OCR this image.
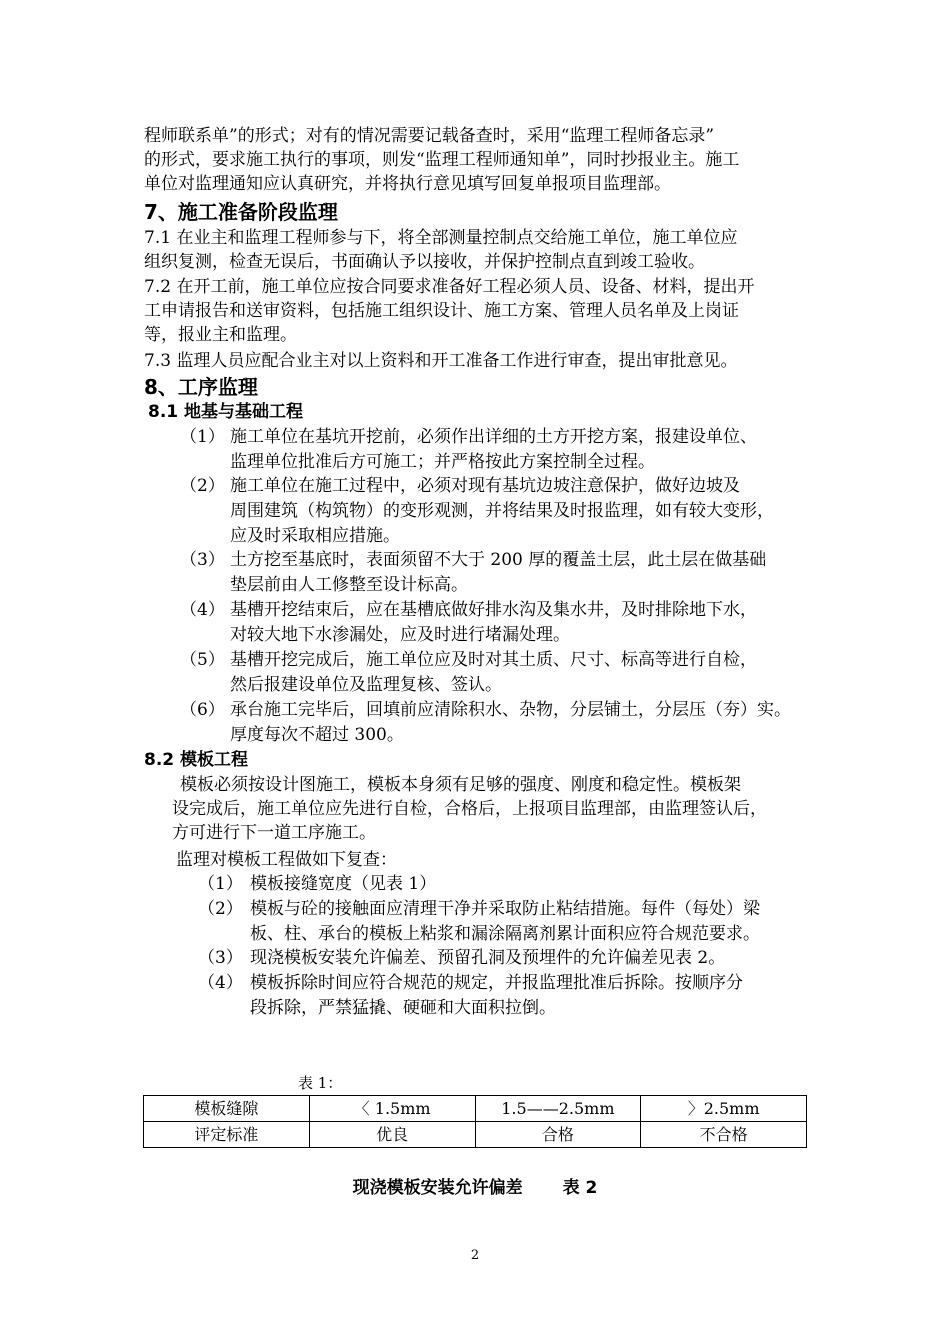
程师联系单”的形式；对有的情况需要记载备查时，采用“监理工程师备忘录”
的形式，要求施工执行的事项，则发“监理工程师通知单”，同时抄报业主。施工
单位对监理通知应认真研究，并将执行意见填写回复单报项目监理部。
7、施工准备阶段监理
7.1 在业主和监理工程师参与下，将全部测量控制点交给施工单位，施工单位应
组织复测，检查无误后，书面确认予以接收，并保护控制点直到竣工验收。
7.2 在开工前，施工单位应按合同要求准备好工程必须人员、设备、材料，提出开
工申请报告和送审资料，包括施工组织设计、施工方案、管理人员名单及上岗证
等，报业主和监理。
7.3 监理人员应配合业主对以上资料和开工准备工作进行审查，提出审批意见。
8、工序监理
8.1 地基与基础工程
（1） 施工单位在基坑开挖前，必须作出详细的土方开挖方案，报建设单位、
监理单位批准后方可施工；并严格按此方案控制全过程。
（2） 施工单位在施工过程中，必须对现有基坑边坡注意保护，做好边坡及
周围建筑（构筑物）的变形观测，并将结果及时报监理，如有较大变形，
应及时采取相应措施。
（3） 土方挖至基底时，表面须留不大于 200 厚的覆盖土层，此土层在做基础
垫层前由人工修整至设计标高。
（4） 基槽开挖结束后，应在基槽底做好排水沟及集水井，及时排除地下水，
对较大地下水渗漏处，应及时进行堵漏处理。
（5） 基槽开挖完成后，施工单位应及时对其土质、尺寸、标高等进行自检，
然后报建设单位及监理复核、签认。
（6） 承台施工完毕后，回填前应清除积水、杂物，分层铺土，分层压（夯）实。
厚度每次不超过 300。
8.2 模板工程
模板必须按设计图施工，模板本身须有足够的强度、刚度和稳定性。模板架
设完成后，施工单位应先进行自检，合格后，上报项目监理部，由监理签认后，
方可进行下一道工序施工。
监理对模板工程做如下复查：
（1） 模板接缝宽度（见表 1）
（2） 模板与砼的接触面应清理干净并采取防止粘结措施。每件（每处）梁
板、柱、承台的模板上粘浆和漏涂隔离剂累计面积应符合规范要求。
（3） 现浇模板安装允许偏差、预留孔洞及预埋件的允许偏差见表 2。
（4） 模板拆除时间应符合规范的规定，并报监理批准后拆除。按顺序分
段拆除，严禁猛撬、硬砸和大面积拉倒。
表 1：
模板缝隙	〈 1.5mm	1.5——2.5mm	〉2.5mm
评定标准	优良	合格	不合格
现浇模板安装允许偏差 表 2
2
